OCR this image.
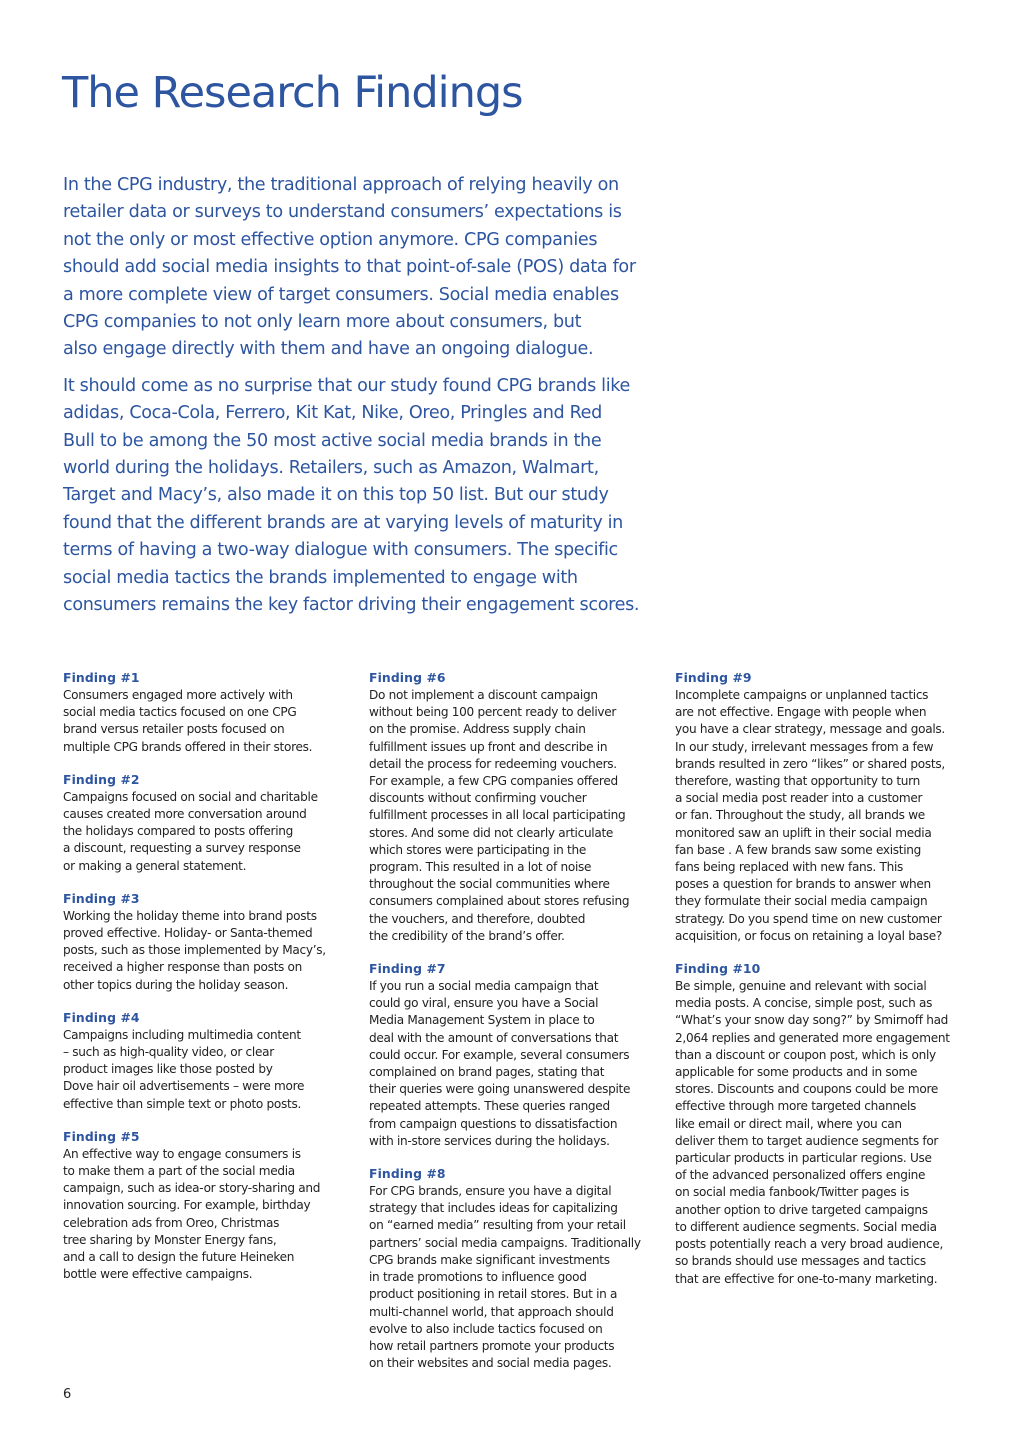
The Research Findings

In the CPG industry, the traditional approach of relying heavily on
retailer data or surveys to understand consumers’ expectations is
not the only or most effective option anymore. CPG companies
should add social media insights to that point-of-sale (POS) data for
a more complete view of target consumers. Social media enables
CPG companies to not only learn more about consumers, but
also engage directly with them and have an ongoing dialogue.

It should come as no surprise that our study found CPG brands like
adidas, Coca-Cola, Ferrero, Kit Kat, Nike, Oreo, Pringles and Red
Bull to be among the 50 most active social media brands in the
world during the holidays. Retailers, such as Amazon, Walmart,
Target and Macy’s, also made it on this top 50 list. But our study
found that the different brands are at varying levels of maturity in
terms of having a two-way dialogue with consumers. The specific
social media tactics the brands implemented to engage with
consumers remains the key factor driving their engagement scores.

Finding #1
Consumers engaged more actively with
social media tactics focused on one CPG
brand versus retailer posts focused on
multiple CPG brands offered in their stores.
Finding #2
Campaigns focused on social and charitable
causes created more conversation around
the holidays compared to posts offering
a discount, requesting a survey response
or making a general statement.
Finding #3
Working the holiday theme into brand posts
proved effective. Holiday- or Santa-themed
posts, such as those implemented by Macy’s,
received a higher response than posts on
other topics during the holiday season.
Finding #4
Campaigns including multimedia content
– such as high-quality video, or clear
product images like those posted by
Dove hair oil advertisements – were more
effective than simple text or photo posts.
Finding #5
An effective way to engage consumers is
to make them a part of the social media
campaign, such as idea-or story-sharing and
innovation sourcing. For example, birthday
celebration ads from Oreo, Christmas
tree sharing by Monster Energy fans,
and a call to design the future Heineken
bottle were effective campaigns.
Finding #6
Do not implement a discount campaign
without being 100 percent ready to deliver
on the promise. Address supply chain
fulfillment issues up front and describe in
detail the process for redeeming vouchers.
For example, a few CPG companies offered
discounts without confirming voucher
fulfillment processes in all local participating
stores. And some did not clearly articulate
which stores were participating in the
program. This resulted in a lot of noise
throughout the social communities where
consumers complained about stores refusing
the vouchers, and therefore, doubted
the credibility of the brand’s offer.
Finding #7
If you run a social media campaign that
could go viral, ensure you have a Social
Media Management System in place to
deal with the amount of conversations that
could occur. For example, several consumers
complained on brand pages, stating that
their queries were going unanswered despite
repeated attempts. These queries ranged
from campaign questions to dissatisfaction
with in-store services during the holidays.
Finding #8
For CPG brands, ensure you have a digital
strategy that includes ideas for capitalizing
on “earned media” resulting from your retail
partners’ social media campaigns. Traditionally
CPG brands make significant investments
in trade promotions to influence good
product positioning in retail stores. But in a
multi-channel world, that approach should
evolve to also include tactics focused on
how retail partners promote your products
on their websites and social media pages.
Finding #9
Incomplete campaigns or unplanned tactics
are not effective. Engage with people when
you have a clear strategy, message and goals.
In our study, irrelevant messages from a few
brands resulted in zero “likes” or shared posts,
therefore, wasting that opportunity to turn
a social media post reader into a customer
or fan. Throughout the study, all brands we
monitored saw an uplift in their social media
fan base . A few brands saw some existing
fans being replaced with new fans. This
poses a question for brands to answer when
they formulate their social media campaign
strategy. Do you spend time on new customer
acquisition, or focus on retaining a loyal base?
Finding #10
Be simple, genuine and relevant with social
media posts. A concise, simple post, such as
“What’s your snow day song?” by Smirnoff had
2,064 replies and generated more engagement
than a discount or coupon post, which is only
applicable for some products and in some
stores. Discounts and coupons could be more
effective through more targeted channels
like email or direct mail, where you can
deliver them to target audience segments for
particular products in particular regions. Use
of the advanced personalized offers engine
on social media fanbook/Twitter pages is
another option to drive targeted campaigns
to different audience segments. Social media
posts potentially reach a very broad audience,
so brands should use messages and tactics
that are effective for one-to-many marketing.
6
